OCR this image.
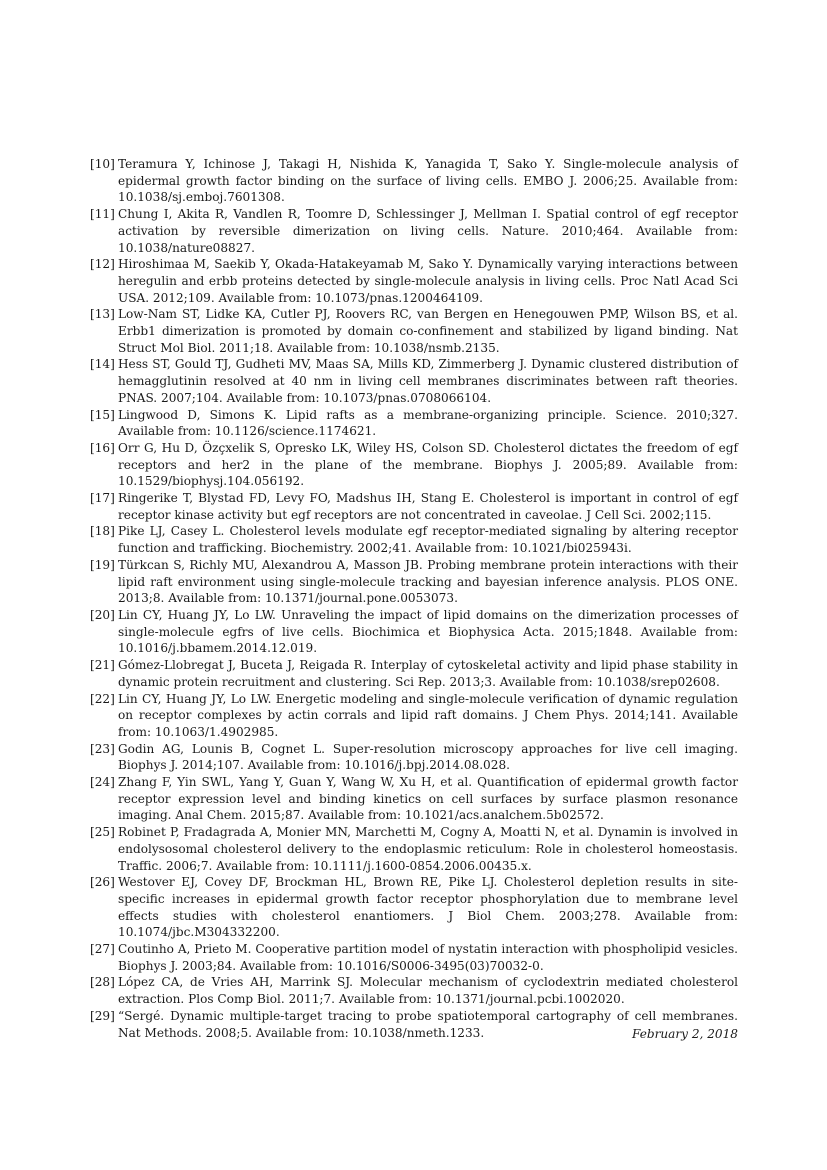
[10] Teramura Y, Ichinose J, Takagi H, Nishida K, Yanagida T, Sako Y. Single-molecule analysis of epidermal growth factor binding on the surface of living cells. EMBO J. 2006;25. Available from: 10.1038/sj.emboj.7601308.
[11] Chung I, Akita R, Vandlen R, Toomre D, Schlessinger J, Mellman I. Spatial control of egf receptor activation by reversible dimerization on living cells. Nature. 2010;464. Available from: 10.1038/nature08827.
[12] Hiroshimaa M, Saekib Y, Okada-Hatakeyamab M, Sako Y. Dynamically varying interactions between heregulin and erbb proteins detected by single-molecule analysis in living cells. Proc Natl Acad Sci USA. 2012;109. Available from: 10.1073/pnas.1200464109.
[13] Low-Nam ST, Lidke KA, Cutler PJ, Roovers RC, van Bergen en Henegouwen PMP, Wilson BS, et al. Erbb1 dimerization is promoted by domain co-confinement and stabilized by ligand binding. Nat Struct Mol Biol. 2011;18. Available from: 10.1038/nsmb.2135.
[14] Hess ST, Gould TJ, Gudheti MV, Maas SA, Mills KD, Zimmerberg J. Dynamic clustered distribution of hemagglutinin resolved at 40 nm in living cell membranes discriminates between raft theories. PNAS. 2007;104. Available from: 10.1073/pnas.0708066104.
[15] Lingwood D, Simons K. Lipid rafts as a membrane-organizing principle. Science. 2010;327. Available from: 10.1126/science.1174621.
[16] Orr G, Hu D, Özçxelik S, Opresko LK, Wiley HS, Colson SD. Cholesterol dictates the freedom of egf receptors and her2 in the plane of the membrane. Biophys J. 2005;89. Available from: 10.1529/biophysj.104.056192.
[17] Ringerike T, Blystad FD, Levy FO, Madshus IH, Stang E. Cholesterol is important in control of egf receptor kinase activity but egf receptors are not concentrated in caveolae. J Cell Sci. 2002;115.
[18] Pike LJ, Casey L. Cholesterol levels modulate egf receptor-mediated signaling by altering receptor function and trafficking. Biochemistry. 2002;41. Available from: 10.1021/bi025943i.
[19] Türkcan S, Richly MU, Alexandrou A, Masson JB. Probing membrane protein interactions with their lipid raft environment using single-molecule tracking and bayesian inference analysis. PLOS ONE. 2013;8. Available from: 10.1371/journal.pone.0053073.
[20] Lin CY, Huang JY, Lo LW. Unraveling the impact of lipid domains on the dimerization processes of single-molecule egfrs of live cells. Biochimica et Biophysica Acta. 2015;1848. Available from: 10.1016/j.bbamem.2014.12.019.
[21] Gómez-Llobregat J, Buceta J, Reigada R. Interplay of cytoskeletal activity and lipid phase stability in dynamic protein recruitment and clustering. Sci Rep. 2013;3. Available from: 10.1038/srep02608.
[22] Lin CY, Huang JY, Lo LW. Energetic modeling and single-molecule verification of dynamic regulation on receptor complexes by actin corrals and lipid raft domains. J Chem Phys. 2014;141. Available from: 10.1063/1.4902985.
[23] Godin AG, Lounis B, Cognet L. Super-resolution microscopy approaches for live cell imaging. Biophys J. 2014;107. Available from: 10.1016/j.bpj.2014.08.028.
[24] Zhang F, Yin SWL, Yang Y, Guan Y, Wang W, Xu H, et al. Quantification of epidermal growth factor receptor expression level and binding kinetics on cell surfaces by surface plasmon resonance imaging. Anal Chem. 2015;87. Available from: 10.1021/acs.analchem.5b02572.
[25] Robinet P, Fradagrada A, Monier MN, Marchetti M, Cogny A, Moatti N, et al. Dynamin is involved in endolysosomal cholesterol delivery to the endoplasmic reticulum: Role in cholesterol homeostasis. Traffic. 2006;7. Available from: 10.1111/j.1600-0854.2006.00435.x.
[26] Westover EJ, Covey DF, Brockman HL, Brown RE, Pike LJ. Cholesterol depletion results in site-specific increases in epidermal growth factor receptor phosphorylation due to membrane level effects studies with cholesterol enantiomers. J Biol Chem. 2003;278. Available from: 10.1074/jbc.M304332200.
[27] Coutinho A, Prieto M. Cooperative partition model of nystatin interaction with phospholipid vesicles. Biophys J. 2003;84. Available from: 10.1016/S0006-3495(03)70032-0.
[28] López CA, de Vries AH, Marrink SJ. Molecular mechanism of cyclodextrin mediated cholesterol extraction. Plos Comp Biol. 2011;7. Available from: 10.1371/journal.pcbi.1002020.
[29] “Sergé. Dynamic multiple-target tracing to probe spatiotemporal cartography of cell membranes. Nat Methods. 2008;5. Available from: 10.1038/nmeth.1233.	February 2, 2018
